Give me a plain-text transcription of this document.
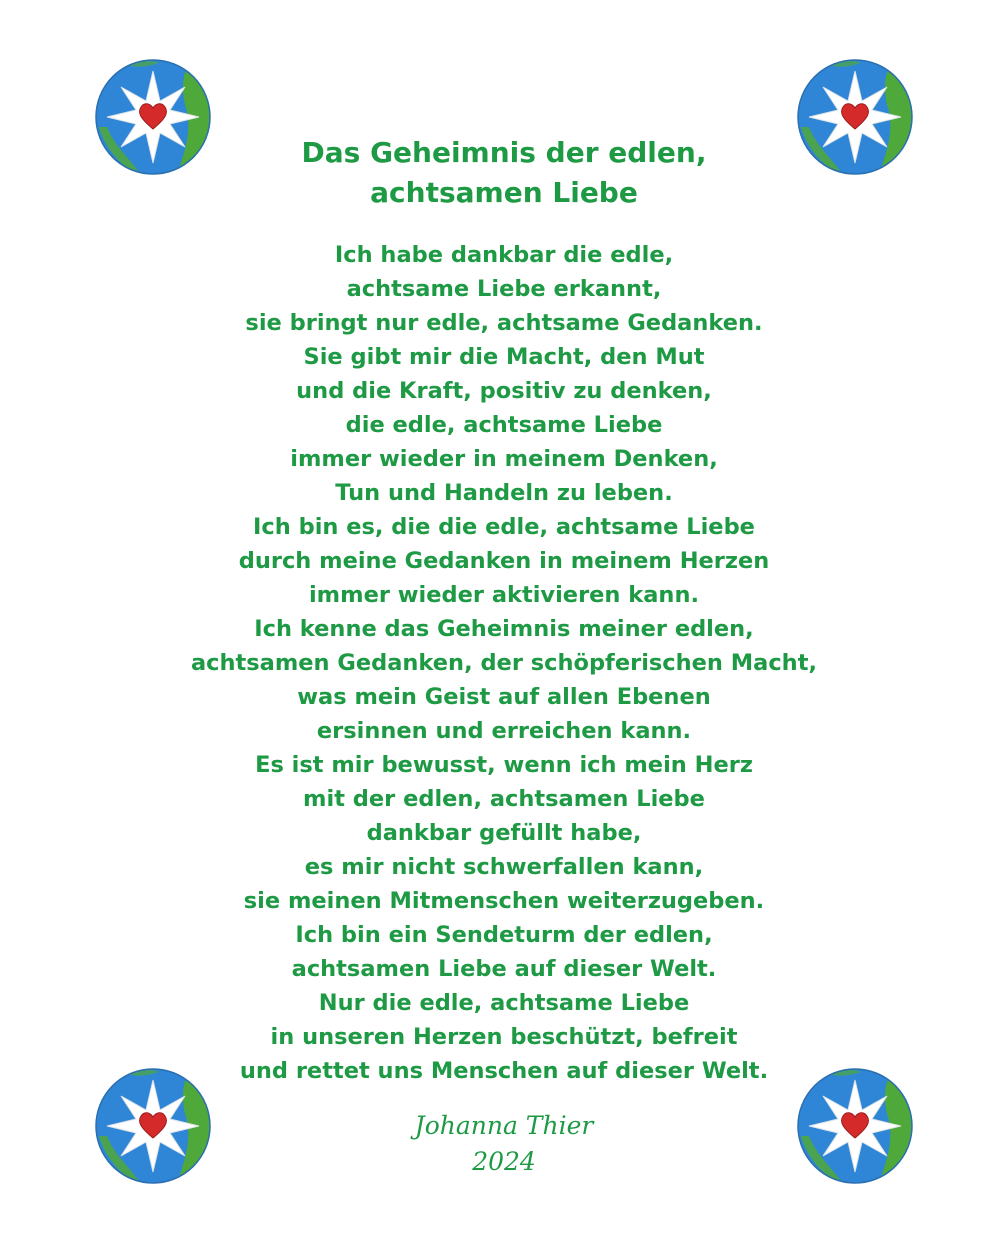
Das Geheimnis der edlen,
achtsamen Liebe
Ich habe dankbar die edle,
achtsame Liebe erkannt,
sie bringt nur edle, achtsame Gedanken.
Sie gibt mir die Macht, den Mut
und die Kraft, positiv zu denken,
die edle, achtsame Liebe
immer wieder in meinem Denken,
Tun und Handeln zu leben.
Ich bin es, die die edle, achtsame Liebe
durch meine Gedanken in meinem Herzen
immer wieder aktivieren kann.
Ich kenne das Geheimnis meiner edlen,
achtsamen Gedanken, der schöpferischen Macht,
was mein Geist auf allen Ebenen
ersinnen und erreichen kann.
Es ist mir bewusst, wenn ich mein Herz
mit der edlen, achtsamen Liebe
dankbar gefüllt habe,
es mir nicht schwerfallen kann,
sie meinen Mitmenschen weiterzugeben.
Ich bin ein Sendeturm der edlen,
achtsamen Liebe auf dieser Welt.
Nur die edle, achtsame Liebe
in unseren Herzen beschützt, befreit
und rettet uns Menschen auf dieser Welt.
Johanna Thier
2024
